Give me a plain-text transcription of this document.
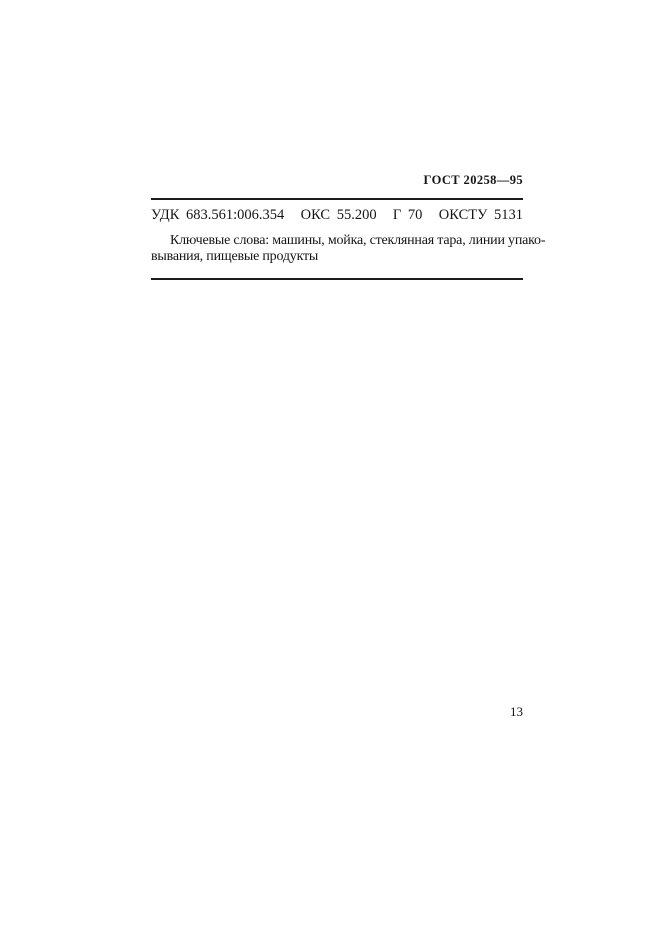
ГОСТ 20258—95
УДК 683.561:006.354 ОКС 55.200 Г 70 ОКСТУ 5131
Ключевые слова: машины, мойка, стеклянная тара, линии упако-
вывания, пищевые продукты
13
